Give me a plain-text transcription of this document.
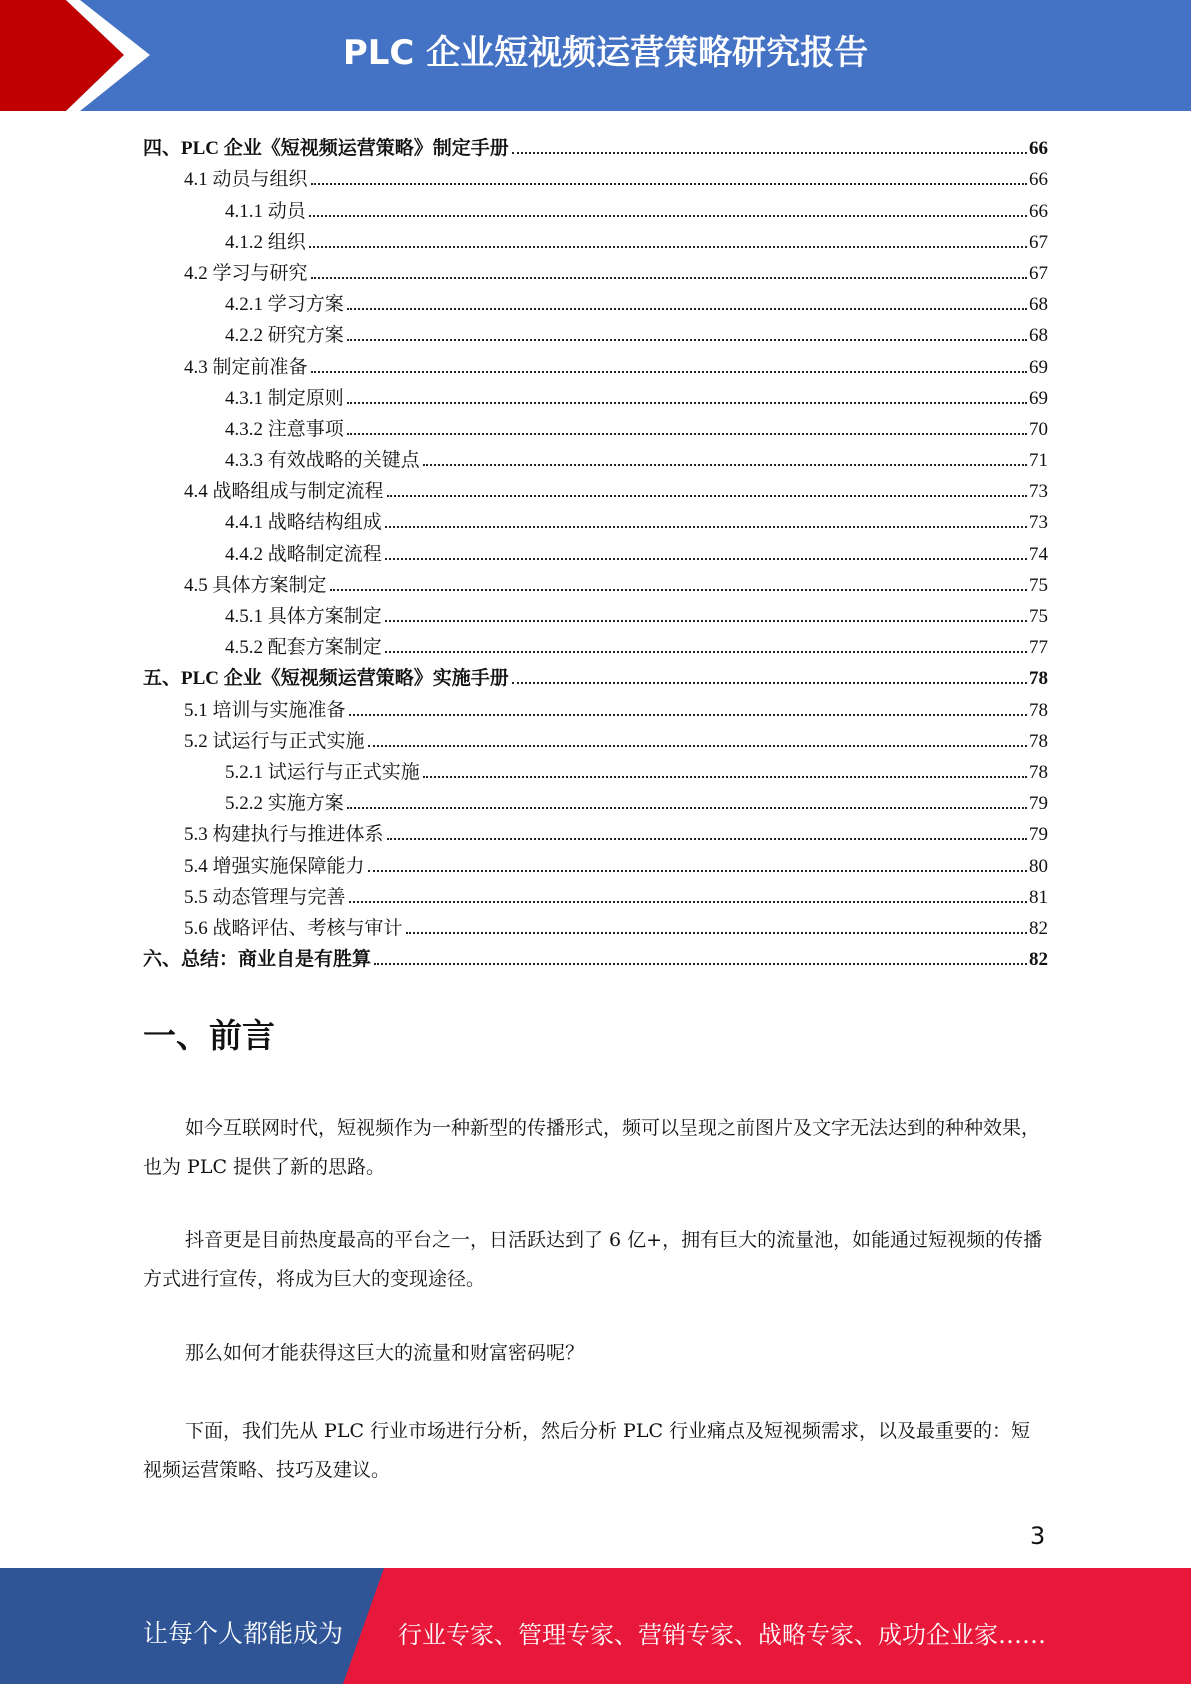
PLC 企业短视频运营策略研究报告
四、PLC 企业《短视频运营策略》制定手册	66
4.1 动员与组织	66
4.1.1 动员	66
4.1.2 组织	67
4.2 学习与研究	67
4.2.1 学习方案	68
4.2.2 研究方案	68
4.3 制定前准备	69
4.3.1 制定原则	69
4.3.2 注意事项	70
4.3.3 有效战略的关键点	71
4.4 战略组成与制定流程	73
4.4.1 战略结构组成	73
4.4.2 战略制定流程	74
4.5 具体方案制定	75
4.5.1 具体方案制定	75
4.5.2 配套方案制定	77
五、PLC 企业《短视频运营策略》实施手册	78
5.1 培训与实施准备	78
5.2 试运行与正式实施	78
5.2.1 试运行与正式实施	78
5.2.2 实施方案	79
5.3 构建执行与推进体系	79
5.4 增强实施保障能力	80
5.5 动态管理与完善	81
5.6 战略评估、考核与审计	82
六、总结：商业自是有胜算	82
一、前言

如今互联网时代，短视频作为一种新型的传播形式，频可以呈现之前图片及文字无法达到的种种效果，也为 PLC 提供了新的思路。

抖音更是目前热度最高的平台之一，日活跃达到了 6 亿+，拥有巨大的流量池，如能通过短视频的传播方式进行宣传，将成为巨大的变现途径。

那么如何才能获得这巨大的流量和财富密码呢？

下面，我们先从 PLC 行业市场进行分析，然后分析 PLC 行业痛点及短视频需求，以及最重要的：短视频运营策略、技巧及建议。

3
让每个人都能成为 行业专家、管理专家、营销专家、战略专家、成功企业家……
